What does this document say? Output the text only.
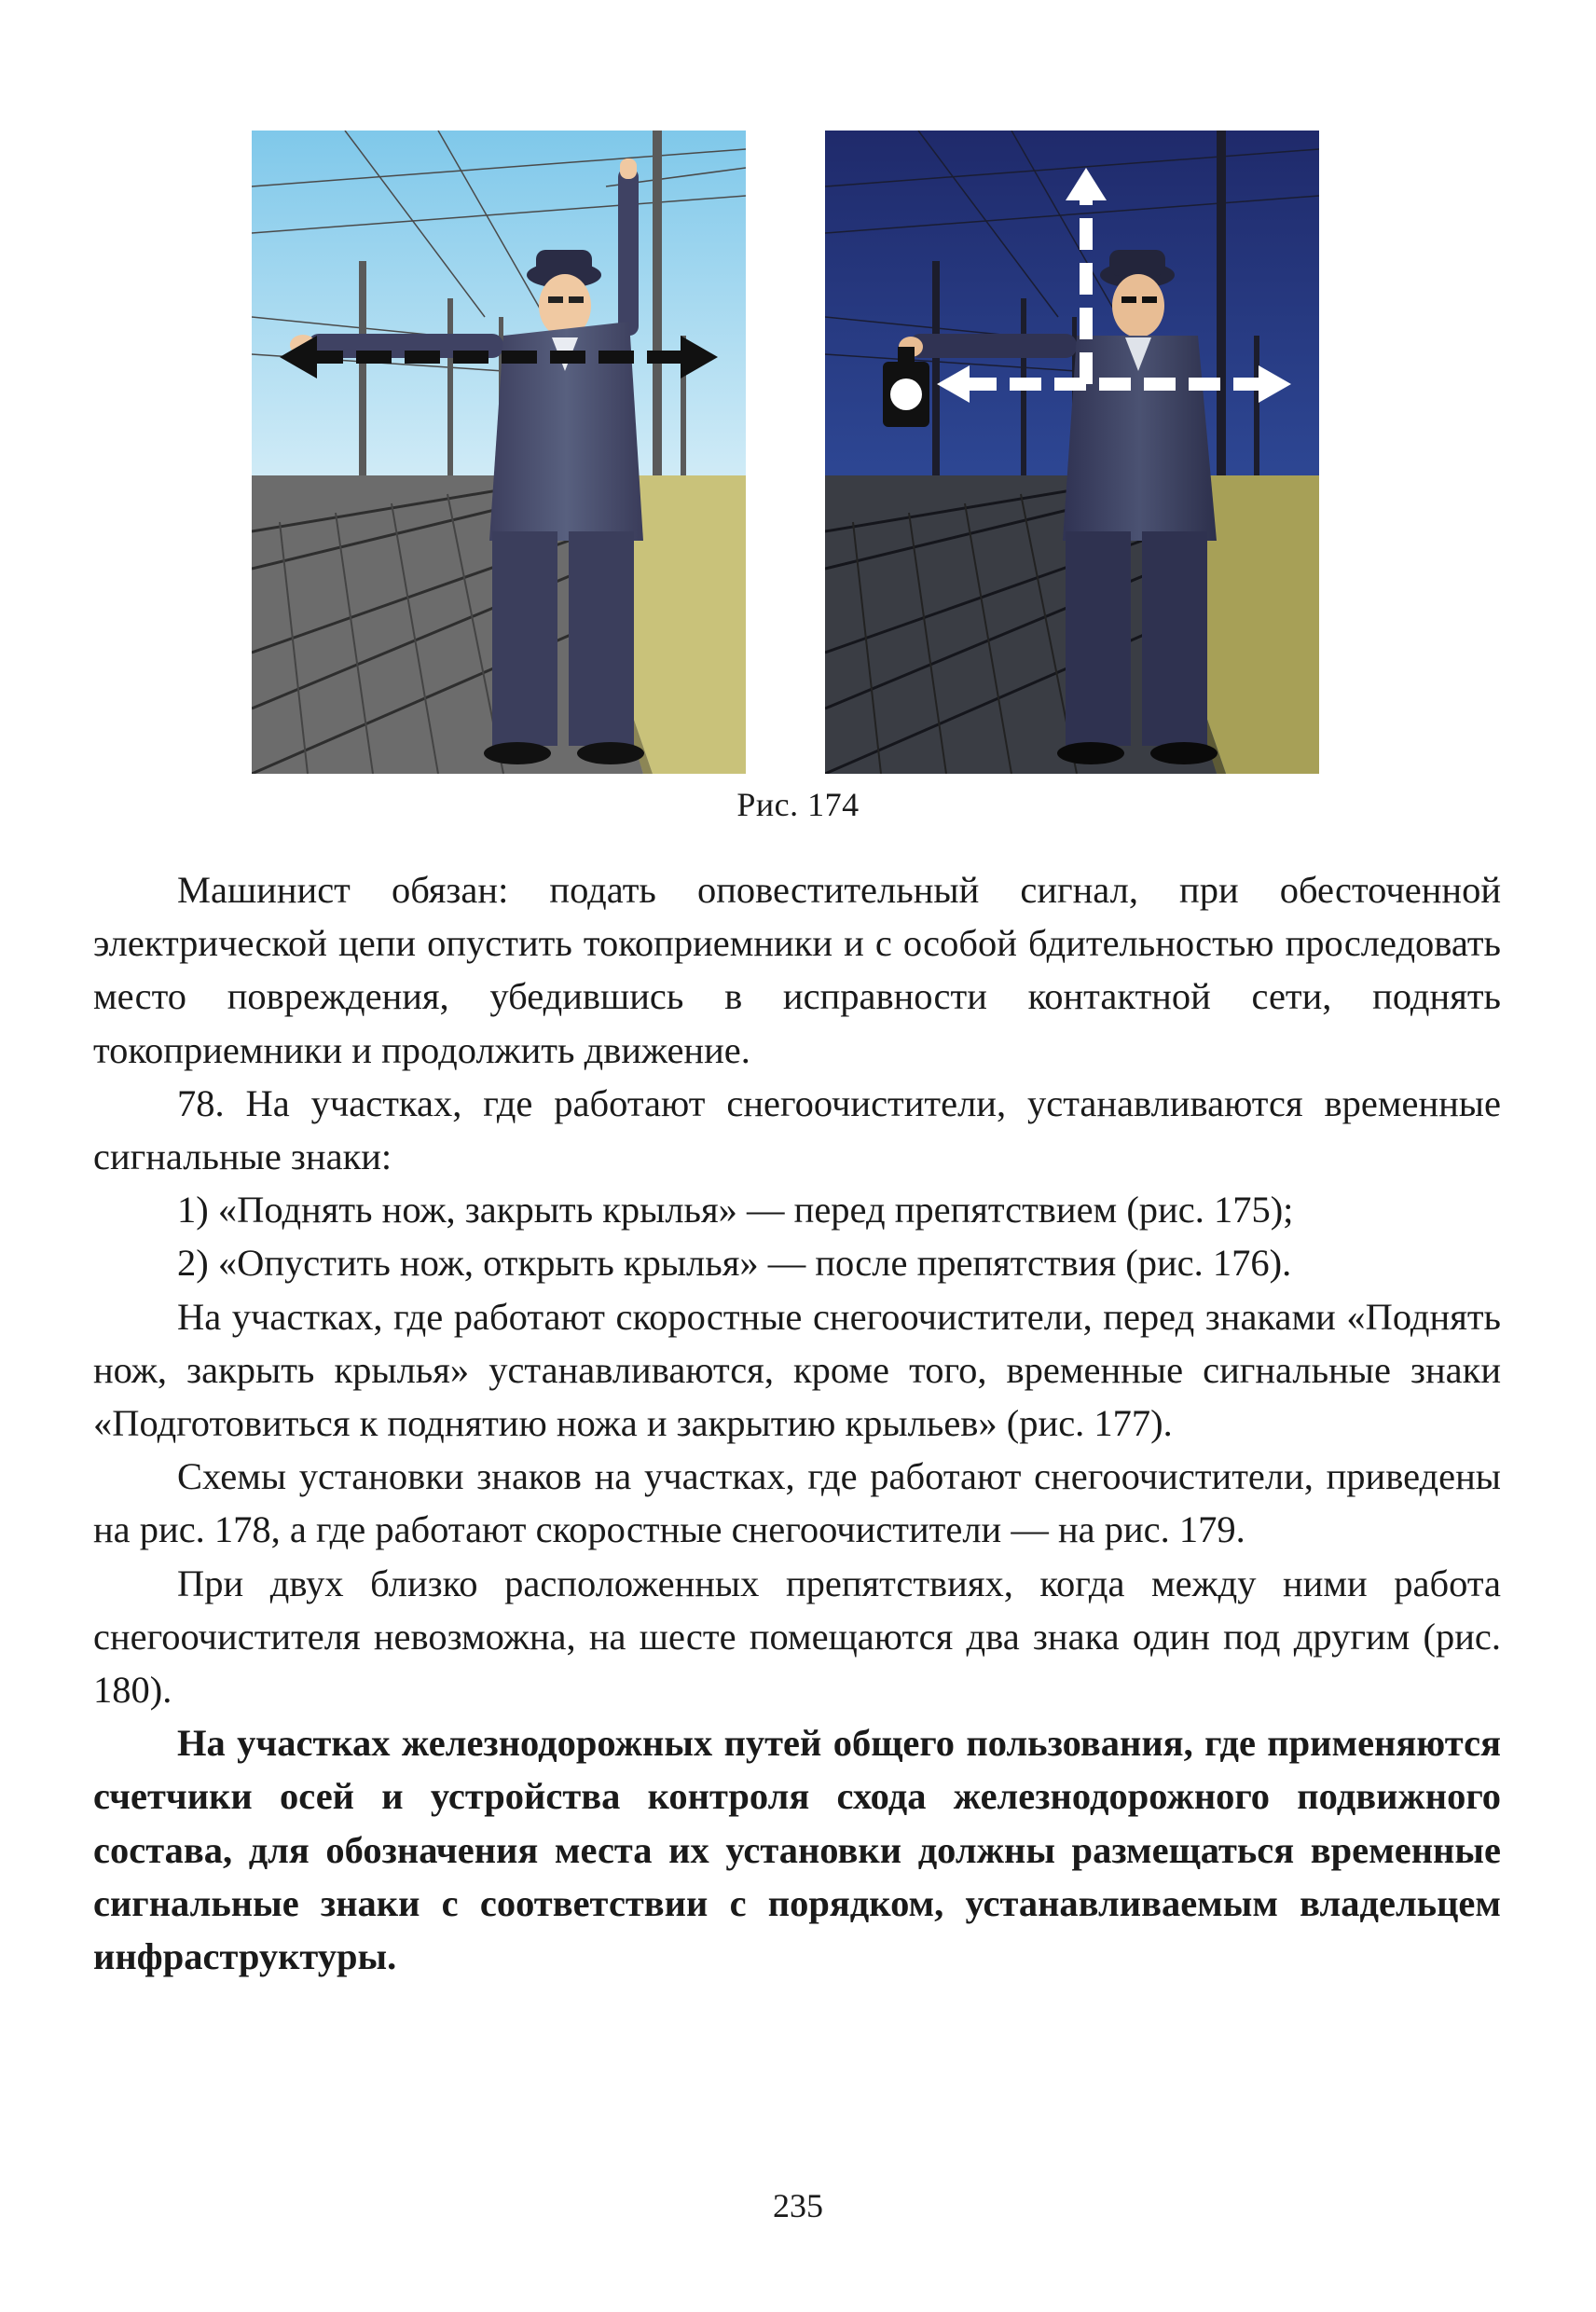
Рис. 174

Машинист обязан: подать оповестительный сигнал, при обесточенной электрической цепи опустить токоприемники и с особой бдительностью проследовать место повреждения, убедившись в исправности контактной сети, поднять токоприемники и продолжить движение.

78. На участках, где работают снегоочистители, устанавливаются временные сигнальные знаки:

1) «Поднять нож, закрыть крылья» — перед препятствием (рис. 175);

2) «Опустить нож, открыть крылья» — после препятствия (рис. 176).

На участках, где работают скоростные снегоочистители, перед знаками «Поднять нож, закрыть крылья» устанавливаются, кроме того, временные сигнальные знаки «Подготовиться к поднятию ножа и закрытию крыльев» (рис. 177).

Схемы установки знаков на участках, где работают снегоочистители, приведены на рис. 178, а где работают скоростные снегоочистители — на рис. 179.

При двух близко расположенных препятствиях, когда между ними работа снегоочистителя невозможна, на шесте помещаются два знака один под другим (рис. 180).

На участках железнодорожных путей общего пользования, где применяются счетчики осей и устройства контроля схода железнодорожного подвижного состава, для обозначения места их установки должны размещаться временные сигнальные знаки с соответствии с порядком, устанавливаемым владельцем инфраструктуры.

235
